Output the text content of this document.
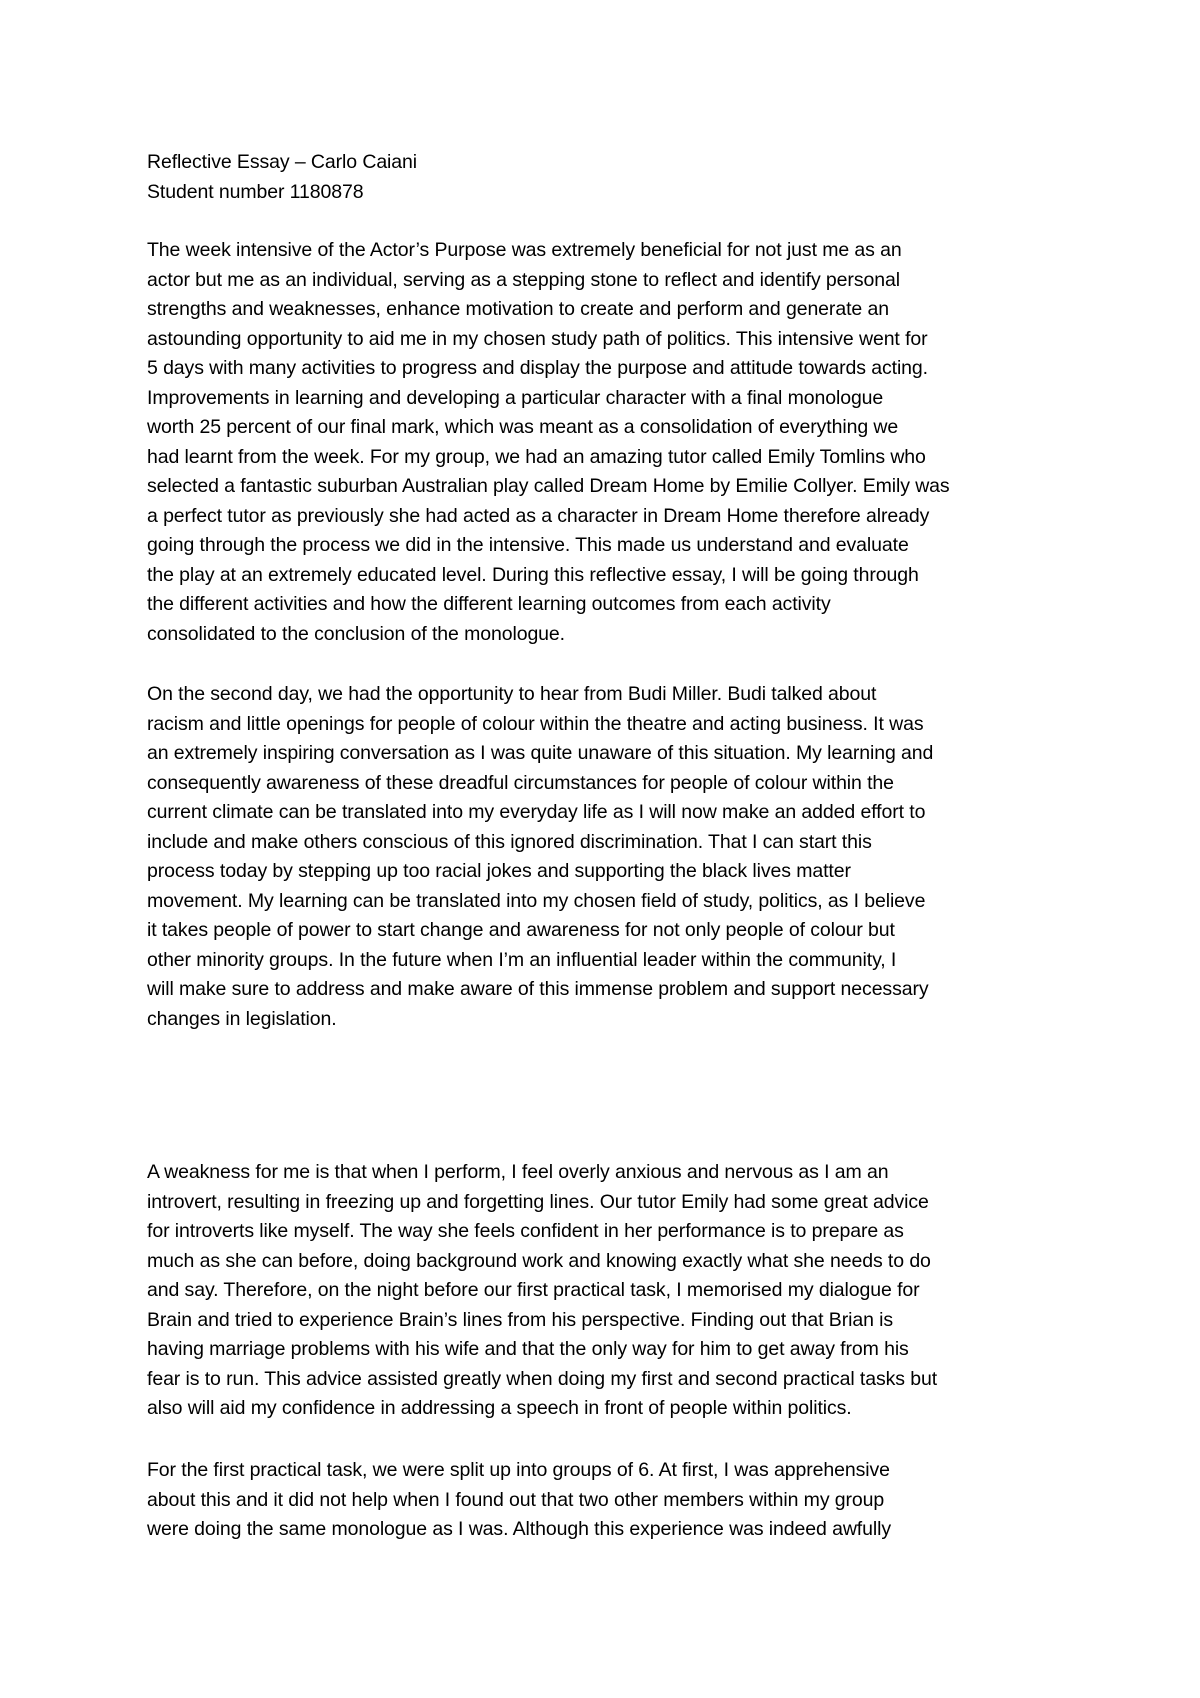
Reflective Essay – Carlo Caiani
Student number 1180878
The week intensive of the Actor’s Purpose was extremely beneficial for not just me as an
actor but me as an individual, serving as a stepping stone to reflect and identify personal
strengths and weaknesses, enhance motivation to create and perform and generate an
astounding opportunity to aid me in my chosen study path of politics. This intensive went for
5 days with many activities to progress and display the purpose and attitude towards acting.
Improvements in learning and developing a particular character with a final monologue
worth 25 percent of our final mark, which was meant as a consolidation of everything we
had learnt from the week. For my group, we had an amazing tutor called Emily Tomlins who
selected a fantastic suburban Australian play called Dream Home by Emilie Collyer. Emily was
a perfect tutor as previously she had acted as a character in Dream Home therefore already
going through the process we did in the intensive. This made us understand and evaluate
the play at an extremely educated level. During this reflective essay, I will be going through
the different activities and how the different learning outcomes from each activity
consolidated to the conclusion of the monologue.
On the second day, we had the opportunity to hear from Budi Miller. Budi talked about
racism and little openings for people of colour within the theatre and acting business. It was
an extremely inspiring conversation as I was quite unaware of this situation. My learning and
consequently awareness of these dreadful circumstances for people of colour within the
current climate can be translated into my everyday life as I will now make an added effort to
include and make others conscious of this ignored discrimination. That I can start this
process today by stepping up too racial jokes and supporting the black lives matter
movement. My learning can be translated into my chosen field of study, politics, as I believe
it takes people of power to start change and awareness for not only people of colour but
other minority groups. In the future when I’m an influential leader within the community, I
will make sure to address and make aware of this immense problem and support necessary
changes in legislation.
A weakness for me is that when I perform, I feel overly anxious and nervous as I am an
introvert, resulting in freezing up and forgetting lines. Our tutor Emily had some great advice
for introverts like myself. The way she feels confident in her performance is to prepare as
much as she can before, doing background work and knowing exactly what she needs to do
and say. Therefore, on the night before our first practical task, I memorised my dialogue for
Brain and tried to experience Brain’s lines from his perspective. Finding out that Brian is
having marriage problems with his wife and that the only way for him to get away from his
fear is to run. This advice assisted greatly when doing my first and second practical tasks but
also will aid my confidence in addressing a speech in front of people within politics.
For the first practical task, we were split up into groups of 6. At first, I was apprehensive
about this and it did not help when I found out that two other members within my group
were doing the same monologue as I was. Although this experience was indeed awfully
